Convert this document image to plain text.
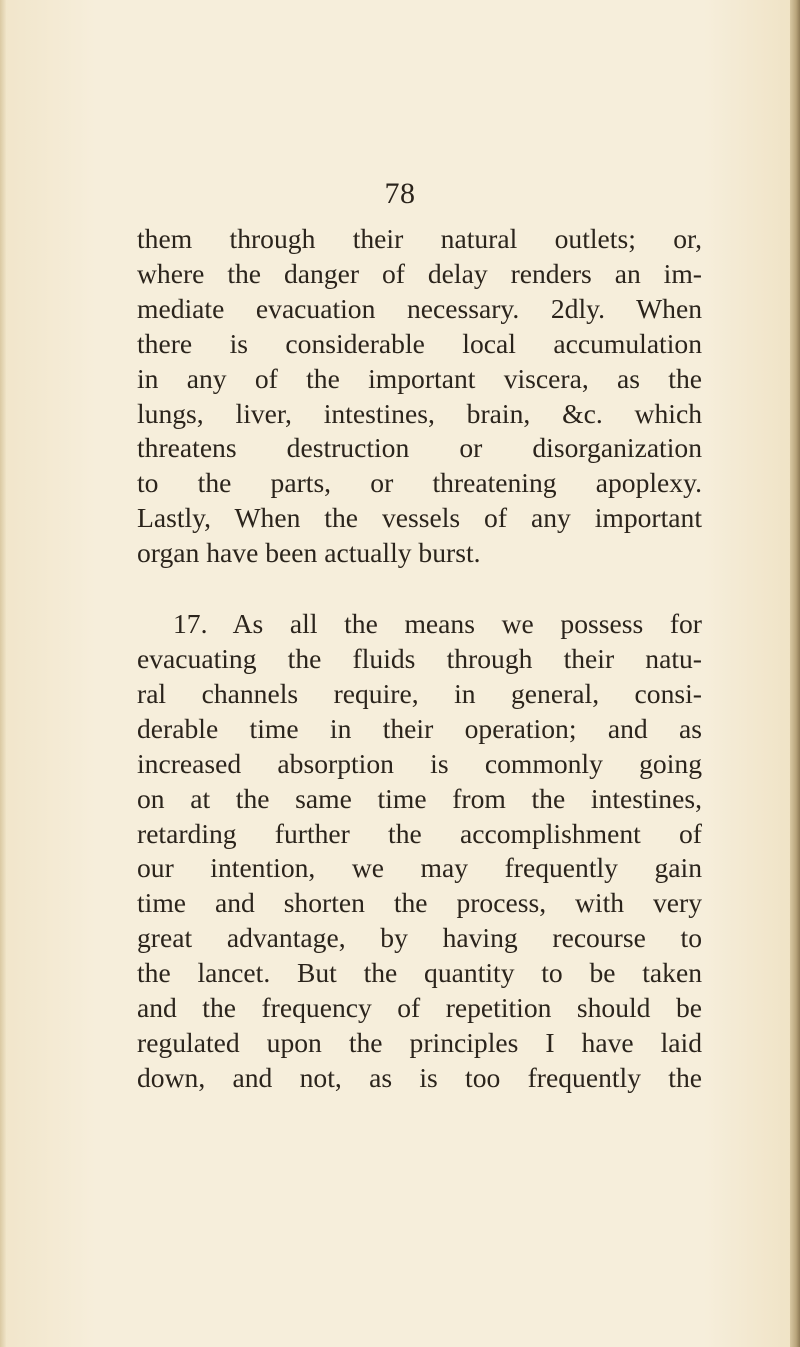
78
them through their natural outlets; or,
where the danger of delay renders an im-
mediate evacuation necessary. 2dly. When
there is considerable local accumulation
in any of the important viscera, as the
lungs, liver, intestines, brain, &c. which
threatens destruction or disorganization
to the parts, or threatening apoplexy.
Lastly, When the vessels of any important
organ have been actually burst.
17. As all the means we possess for
evacuating the fluids through their natu-
ral channels require, in general, consi-
derable time in their operation; and as
increased absorption is commonly going
on at the same time from the intestines,
retarding further the accomplishment of
our intention, we may frequently gain
time and shorten the process, with very
great advantage, by having recourse to
the lancet. But the quantity to be taken
and the frequency of repetition should be
regulated upon the principles I have laid
down, and not, as is too frequently the
